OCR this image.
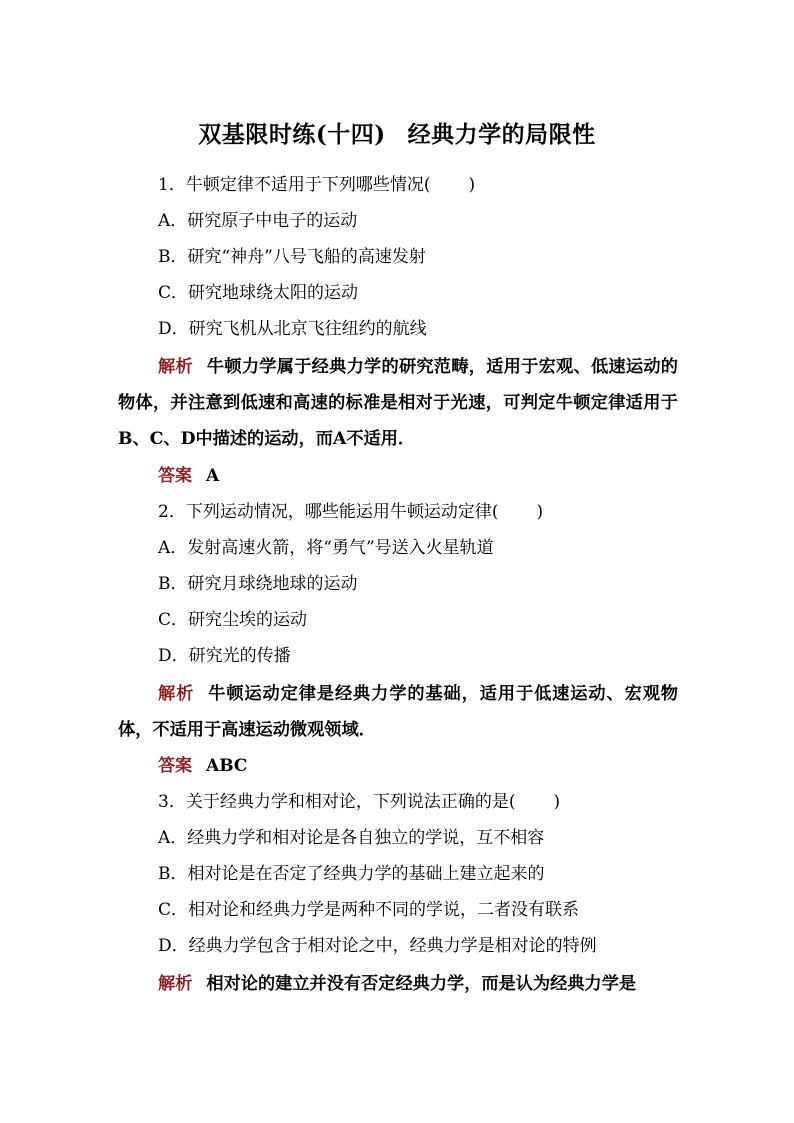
双基限时练(十四) 经典力学的局限性
1．牛顿定律不适用于下列哪些情况( )
A．研究原子中电子的运动
B．研究“神舟”八号飞船的高速发射
C．研究地球绕太阳的运动
D．研究飞机从北京飞往纽约的航线
解析 牛顿力学属于经典力学的研究范畴，适用于宏观、低速运动的物体，并注意到低速和高速的标准是相对于光速，可判定牛顿定律适用于B、C、D中描述的运动，而A不适用．
答案 A
2．下列运动情况，哪些能运用牛顿运动定律( )
A．发射高速火箭，将“勇气”号送入火星轨道
B．研究月球绕地球的运动
C．研究尘埃的运动
D．研究光的传播
解析 牛顿运动定律是经典力学的基础，适用于低速运动、宏观物体，不适用于高速运动微观领域．
答案 ABC
3．关于经典力学和相对论，下列说法正确的是( )
A．经典力学和相对论是各自独立的学说，互不相容
B．相对论是在否定了经典力学的基础上建立起来的
C．相对论和经典力学是两种不同的学说，二者没有联系
D．经典力学包含于相对论之中，经典力学是相对论的特例
解析 相对论的建立并没有否定经典力学，而是认为经典力学是
